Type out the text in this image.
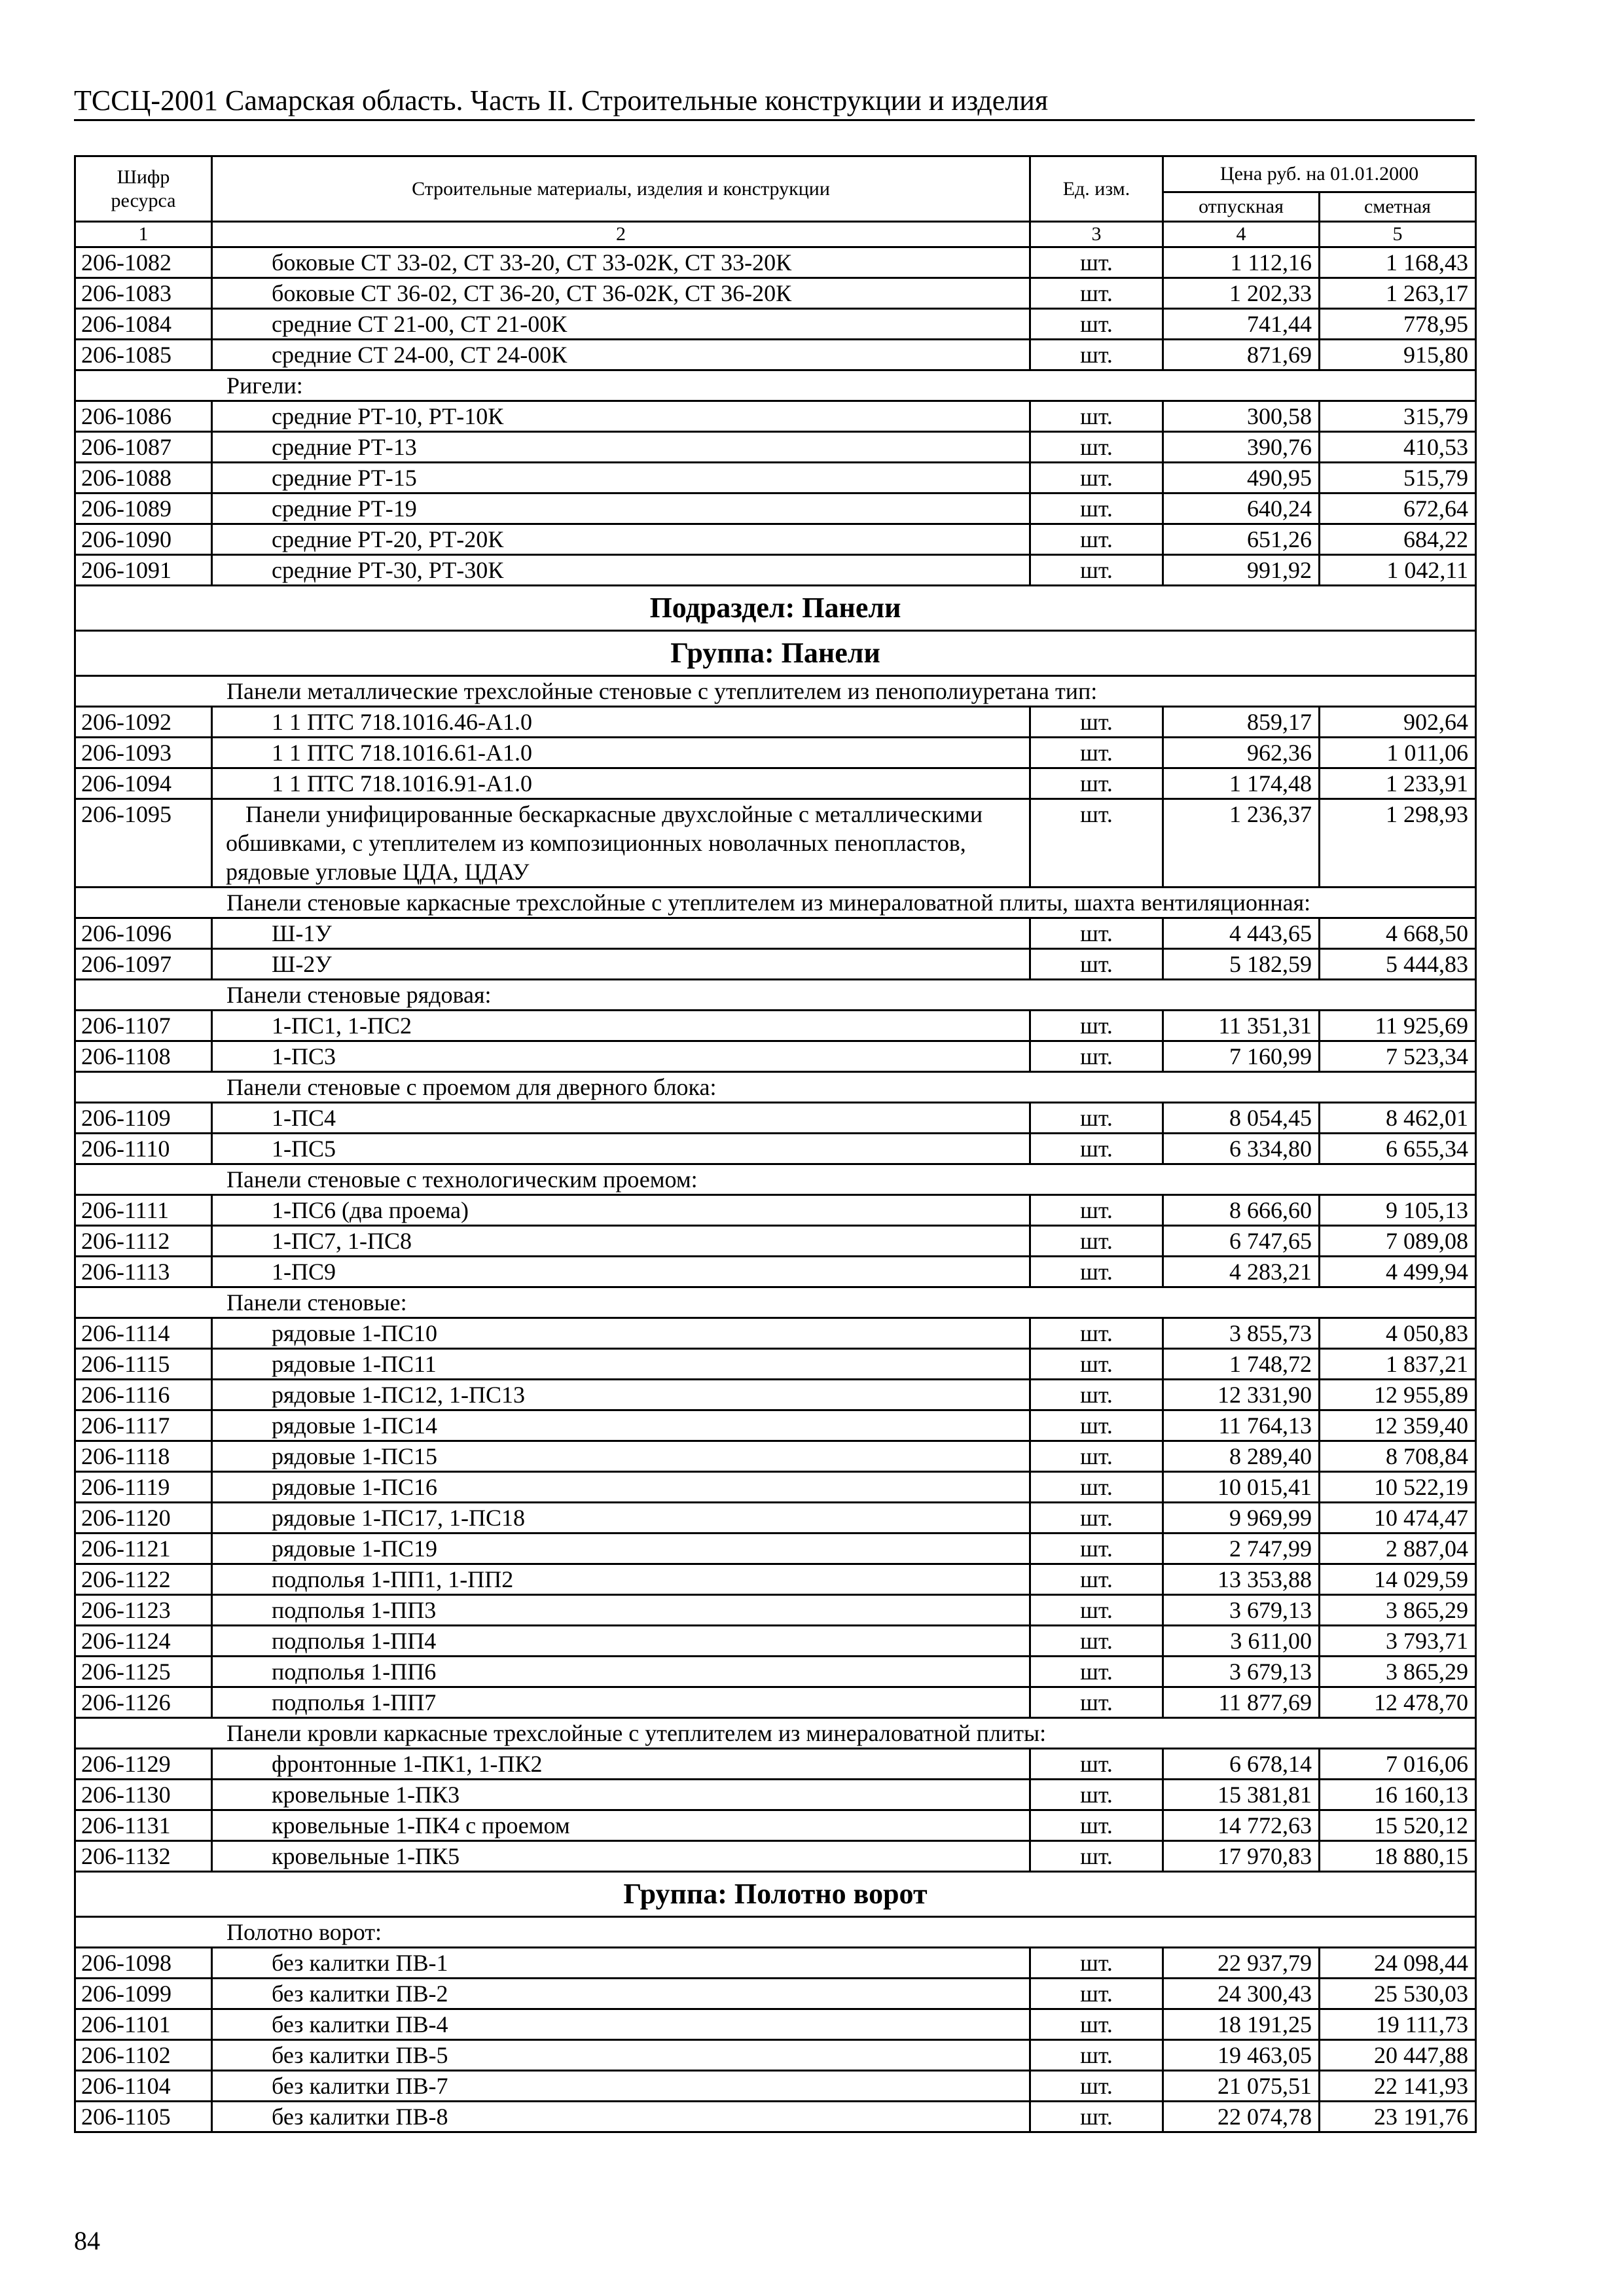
ТССЦ-2001 Самарская область. Часть II. Строительные конструкции и изделия
Шифр ресурса	Строительные материалы, изделия и конструкции	Ед. изм.	Цена руб. на 01.01.2000	
			отпускная	сметная
1	2	3	4	5
206-1082	боковые СТ 33-02, СТ 33-20, СТ 33-02К, СТ 33-20К	шт.	1 112,16	1 168,43
206-1083	боковые СТ 36-02, СТ 36-20, СТ 36-02К, СТ 36-20К	шт.	1 202,33	1 263,17
206-1084	средние СТ 21-00, СТ 21-00К	шт.	741,44	778,95
206-1085	средние СТ 24-00, СТ 24-00К	шт.	871,69	915,80
Ригели:				
206-1086	средние РТ-10, РТ-10К	шт.	300,58	315,79
206-1087	средние РТ-13	шт.	390,76	410,53
206-1088	средние РТ-15	шт.	490,95	515,79
206-1089	средние РТ-19	шт.	640,24	672,64
206-1090	средние РТ-20, РТ-20К	шт.	651,26	684,22
206-1091	средние РТ-30, РТ-30К	шт.	991,92	1 042,11
Подраздел: Панели				
Группа: Панели				
Панели металлические трехслойные стеновые с утеплителем из пенополиуретана тип:				
206-1092	1 1 ПТС 718.1016.46-А1.0	шт.	859,17	902,64
206-1093	1 1 ПТС 718.1016.61-А1.0	шт.	962,36	1 011,06
206-1094	1 1 ПТС 718.1016.91-А1.0	шт.	1 174,48	1 233,91
206-1095	Панели унифицированные бескаркасные двухслойные с металлическими обшивками, с утеплителем из композиционных новолачных пенопластов, рядовые угловые ЦДА, ЦДАУ	шт.	1 236,37	1 298,93
Панели стеновые каркасные трехслойные с утеплителем из минераловатной плиты, шахта вентиляционная:				
206-1096	Ш-1У	шт.	4 443,65	4 668,50
206-1097	Ш-2У	шт.	5 182,59	5 444,83
Панели стеновые рядовая:				
206-1107	1-ПС1, 1-ПС2	шт.	11 351,31	11 925,69
206-1108	1-ПС3	шт.	7 160,99	7 523,34
Панели стеновые с проемом для дверного блока:				
206-1109	1-ПС4	шт.	8 054,45	8 462,01
206-1110	1-ПС5	шт.	6 334,80	6 655,34
Панели стеновые с технологическим проемом:				
206-1111	1-ПС6 (два проема)	шт.	8 666,60	9 105,13
206-1112	1-ПС7, 1-ПС8	шт.	6 747,65	7 089,08
206-1113	1-ПС9	шт.	4 283,21	4 499,94
Панели стеновые:				
206-1114	рядовые 1-ПС10	шт.	3 855,73	4 050,83
206-1115	рядовые 1-ПС11	шт.	1 748,72	1 837,21
206-1116	рядовые 1-ПС12, 1-ПС13	шт.	12 331,90	12 955,89
206-1117	рядовые 1-ПС14	шт.	11 764,13	12 359,40
206-1118	рядовые 1-ПС15	шт.	8 289,40	8 708,84
206-1119	рядовые 1-ПС16	шт.	10 015,41	10 522,19
206-1120	рядовые 1-ПС17, 1-ПС18	шт.	9 969,99	10 474,47
206-1121	рядовые 1-ПС19	шт.	2 747,99	2 887,04
206-1122	подполья 1-ПП1, 1-ПП2	шт.	13 353,88	14 029,59
206-1123	подполья 1-ПП3	шт.	3 679,13	3 865,29
206-1124	подполья 1-ПП4	шт.	3 611,00	3 793,71
206-1125	подполья 1-ПП6	шт.	3 679,13	3 865,29
206-1126	подполья 1-ПП7	шт.	11 877,69	12 478,70
Панели кровли каркасные трехслойные с утеплителем из минераловатной плиты:				
206-1129	фронтонные 1-ПК1, 1-ПК2	шт.	6 678,14	7 016,06
206-1130	кровельные 1-ПК3	шт.	15 381,81	16 160,13
206-1131	кровельные 1-ПК4 с проемом	шт.	14 772,63	15 520,12
206-1132	кровельные 1-ПК5	шт.	17 970,83	18 880,15
Группа: Полотно ворот				
Полотно ворот:				
206-1098	без калитки ПВ-1	шт.	22 937,79	24 098,44
206-1099	без калитки ПВ-2	шт.	24 300,43	25 530,03
206-1101	без калитки ПВ-4	шт.	18 191,25	19 111,73
206-1102	без калитки ПВ-5	шт.	19 463,05	20 447,88
206-1104	без калитки ПВ-7	шт.	21 075,51	22 141,93
206-1105	без калитки ПВ-8	шт.	22 074,78	23 191,76
84
